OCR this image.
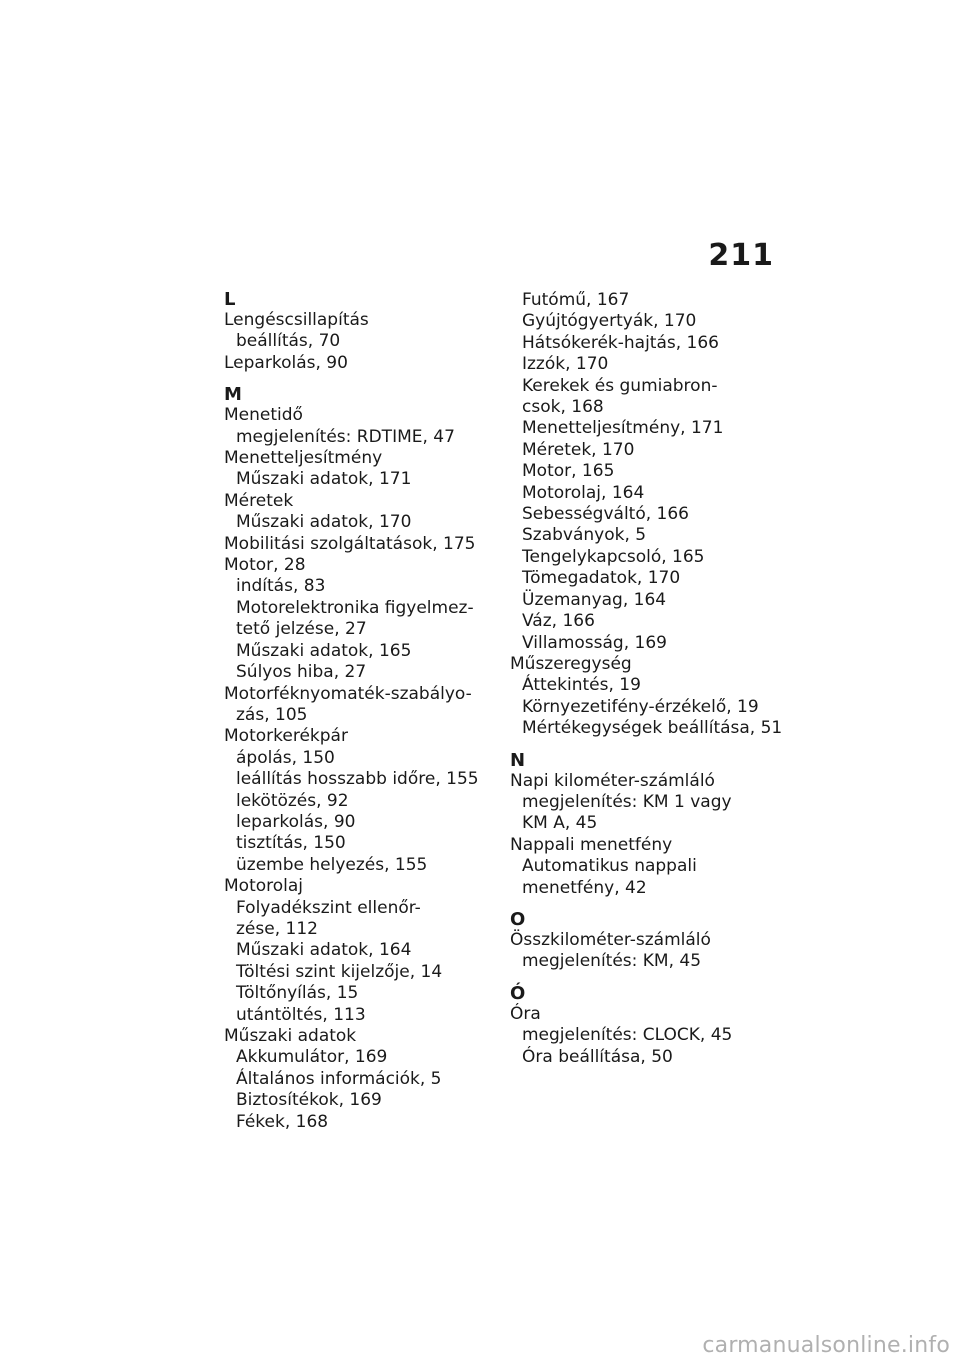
211
L
Lengéscsillapítás
beállítás, 70
Leparkolás, 90
M
Menetidő
megjelenítés: RDTIME, 47
Menetteljesítmény
Műszaki adatok, 171
Méretek
Műszaki adatok, 170
Mobilitási szolgáltatások, 175
Motor, 28
indítás, 83
Motorelektronika figyelmez-
tető jelzése, 27
Műszaki adatok, 165
Súlyos hiba, 27
Motorféknyomaték-szabályo-
zás, 105
Motorkerékpár
ápolás, 150
leállítás hosszabb időre, 155
lekötözés, 92
leparkolás, 90
tisztítás, 150
üzembe helyezés, 155
Motorolaj
Folyadékszint ellenőr-
zése, 112
Műszaki adatok, 164
Töltési szint kijelzője, 14
Töltőnyílás, 15
utántöltés, 113
Műszaki adatok
Akkumulátor, 169
Általános információk, 5
Biztosítékok, 169
Fékek, 168
Futómű, 167
Gyújtógyertyák, 170
Hátsókerék-hajtás, 166
Izzók, 170
Kerekek és gumiabron-
csok, 168
Menetteljesítmény, 171
Méretek, 170
Motor, 165
Motorolaj, 164
Sebességváltó, 166
Szabványok, 5
Tengelykapcsoló, 165
Tömegadatok, 170
Üzemanyag, 164
Váz, 166
Villamosság, 169
Műszeregység
Áttekintés, 19
Környezetifény-érzékelő, 19
Mértékegységek beállítása, 51
N
Napi kilométer-számláló
megjelenítés: KM 1 vagy
KM A, 45
Nappali menetfény
Automatikus nappali
menetfény, 42
O
Összkilométer-számláló
megjelenítés: KM, 45
Ó
Óra
megjelenítés: CLOCK, 45
Óra beállítása, 50
carmanualsonline.info
